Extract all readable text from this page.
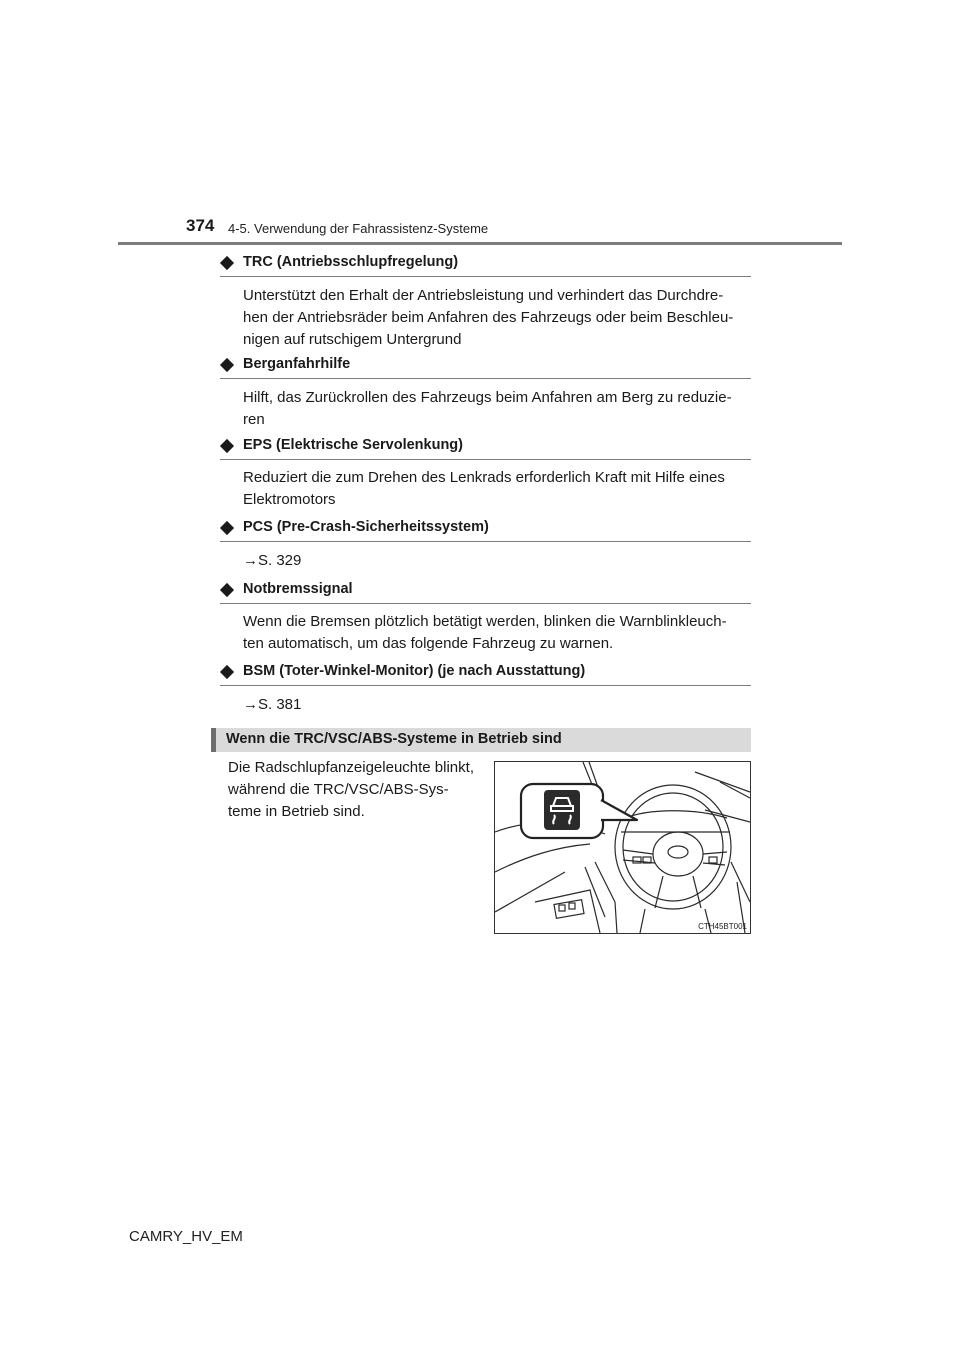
374 4-5. Verwendung der Fahrassistenz-Systeme
TRC (Antriebsschlupfregelung)
Unterstützt den Erhalt der Antriebsleistung und verhindert das Durchdre-
hen der Antriebsräder beim Anfahren des Fahrzeugs oder beim Beschleu-
nigen auf rutschigem Untergrund
Berganfahrhilfe
Hilft, das Zurückrollen des Fahrzeugs beim Anfahren am Berg zu reduzie-
ren
EPS (Elektrische Servolenkung)
Reduziert die zum Drehen des Lenkrads erforderlich Kraft mit Hilfe eines
Elektromotors
PCS (Pre-Crash-Sicherheitssystem)
→S. 329
Notbremssignal
Wenn die Bremsen plötzlich betätigt werden, blinken die Warnblinkleuch-
ten automatisch, um das folgende Fahrzeug zu warnen.
BSM (Toter-Winkel-Monitor) (je nach Ausstattung)
→S. 381
Wenn die TRC/VSC/ABS-Systeme in Betrieb sind
Die Radschlupfanzeigeleuchte blinkt,
während die TRC/VSC/ABS-Sys-
teme in Betrieb sind.
CTH45BT001
CAMRY_HV_EM
